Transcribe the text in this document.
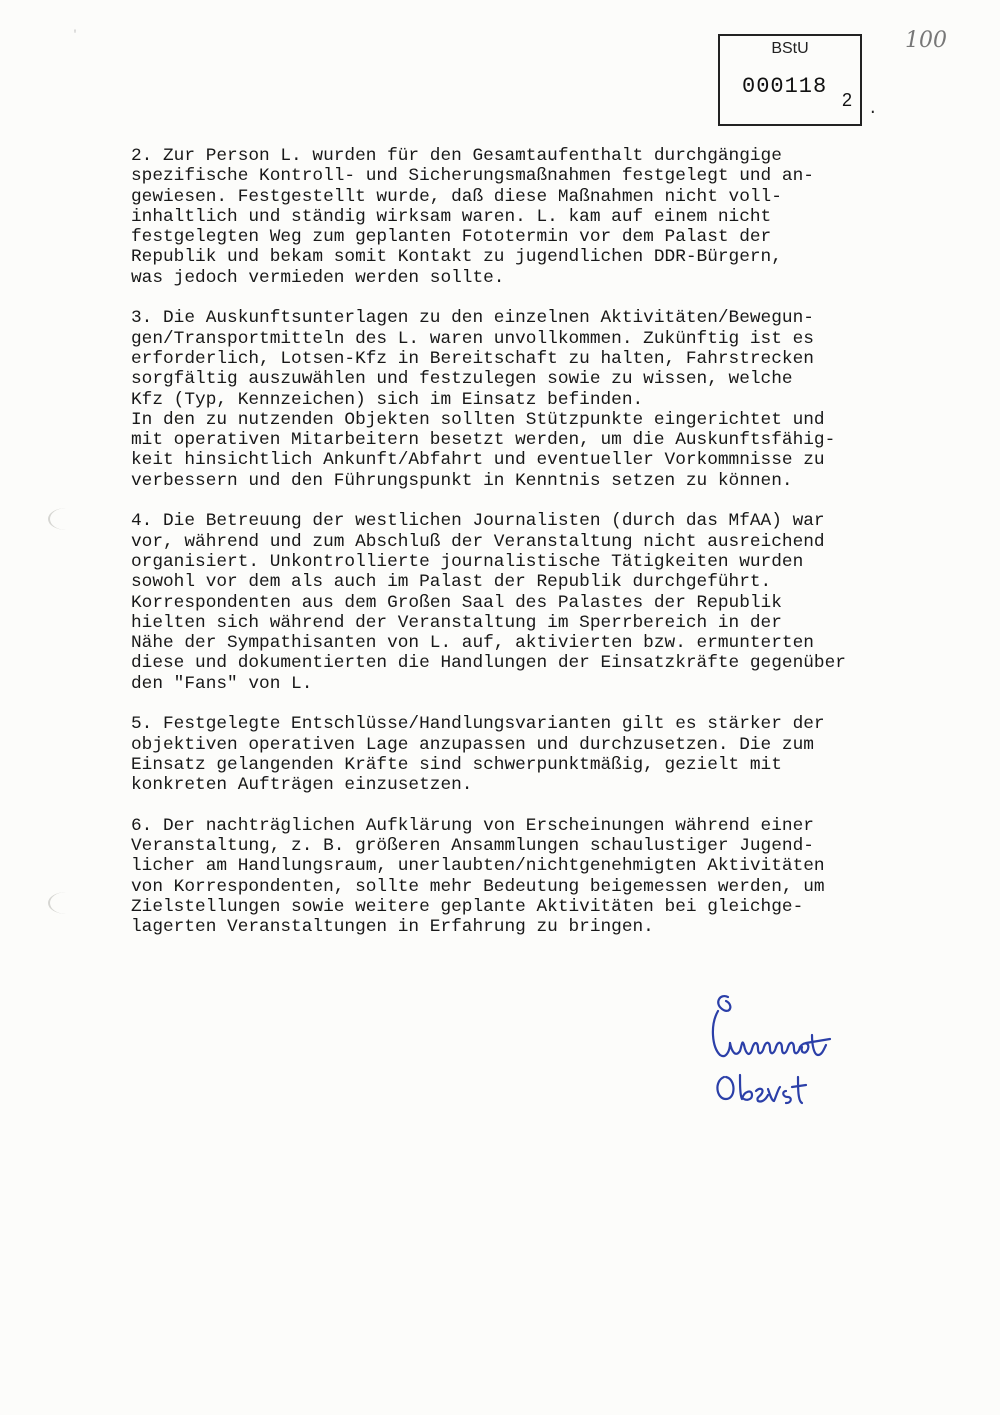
'
BStU
000118
2 .
100
2. Zur Person L. wurden für den Gesamtaufenthalt durchgängige
spezifische Kontroll- und Sicherungsmaßnahmen festgelegt und an-
gewiesen. Festgestellt wurde, daß diese Maßnahmen nicht voll-
inhaltlich und ständig wirksam waren. L. kam auf einem nicht
festgelegten Weg zum geplanten Fototermin vor dem Palast der
Republik und bekam somit Kontakt zu jugendlichen DDR-Bürgern,
was jedoch vermieden werden sollte.
3. Die Auskunftsunterlagen zu den einzelnen Aktivitäten/Bewegun-
gen/Transportmitteln des L. waren unvollkommen. Zukünftig ist es
erforderlich, Lotsen-Kfz in Bereitschaft zu halten, Fahrstrecken
sorgfältig auszuwählen und festzulegen sowie zu wissen, welche
Kfz (Typ, Kennzeichen) sich im Einsatz befinden.
In den zu nutzenden Objekten sollten Stützpunkte eingerichtet und
mit operativen Mitarbeitern besetzt werden, um die Auskunftsfähig-
keit hinsichtlich Ankunft/Abfahrt und eventueller Vorkommnisse zu
verbessern und den Führungspunkt in Kenntnis setzen zu können.
4. Die Betreuung der westlichen Journalisten (durch das MfAA) war
vor, während und zum Abschluß der Veranstaltung nicht ausreichend
organisiert. Unkontrollierte journalistische Tätigkeiten wurden
sowohl vor dem als auch im Palast der Republik durchgeführt.
Korrespondenten aus dem Großen Saal des Palastes der Republik
hielten sich während der Veranstaltung im Sperrbereich in der
Nähe der Sympathisanten von L. auf, aktivierten bzw. ermunterten
diese und dokumentierten die Handlungen der Einsatzkräfte gegenüber
den "Fans" von L.
5. Festgelegte Entschlüsse/Handlungsvarianten gilt es stärker der
objektiven operativen Lage anzupassen und durchzusetzen. Die zum
Einsatz gelangenden Kräfte sind schwerpunktmäßig, gezielt mit
konkreten Aufträgen einzusetzen.
6. Der nachträglichen Aufklärung von Erscheinungen während einer
Veranstaltung, z. B. größeren Ansammlungen schaulustiger Jugend-
licher am Handlungsraum, unerlaubten/nichtgenehmigten Aktivitäten
von Korrespondenten, sollte mehr Bedeutung beigemessen werden, um
Zielstellungen sowie weitere geplante Aktivitäten bei gleichge-
lagerten Veranstaltungen in Erfahrung zu bringen.
